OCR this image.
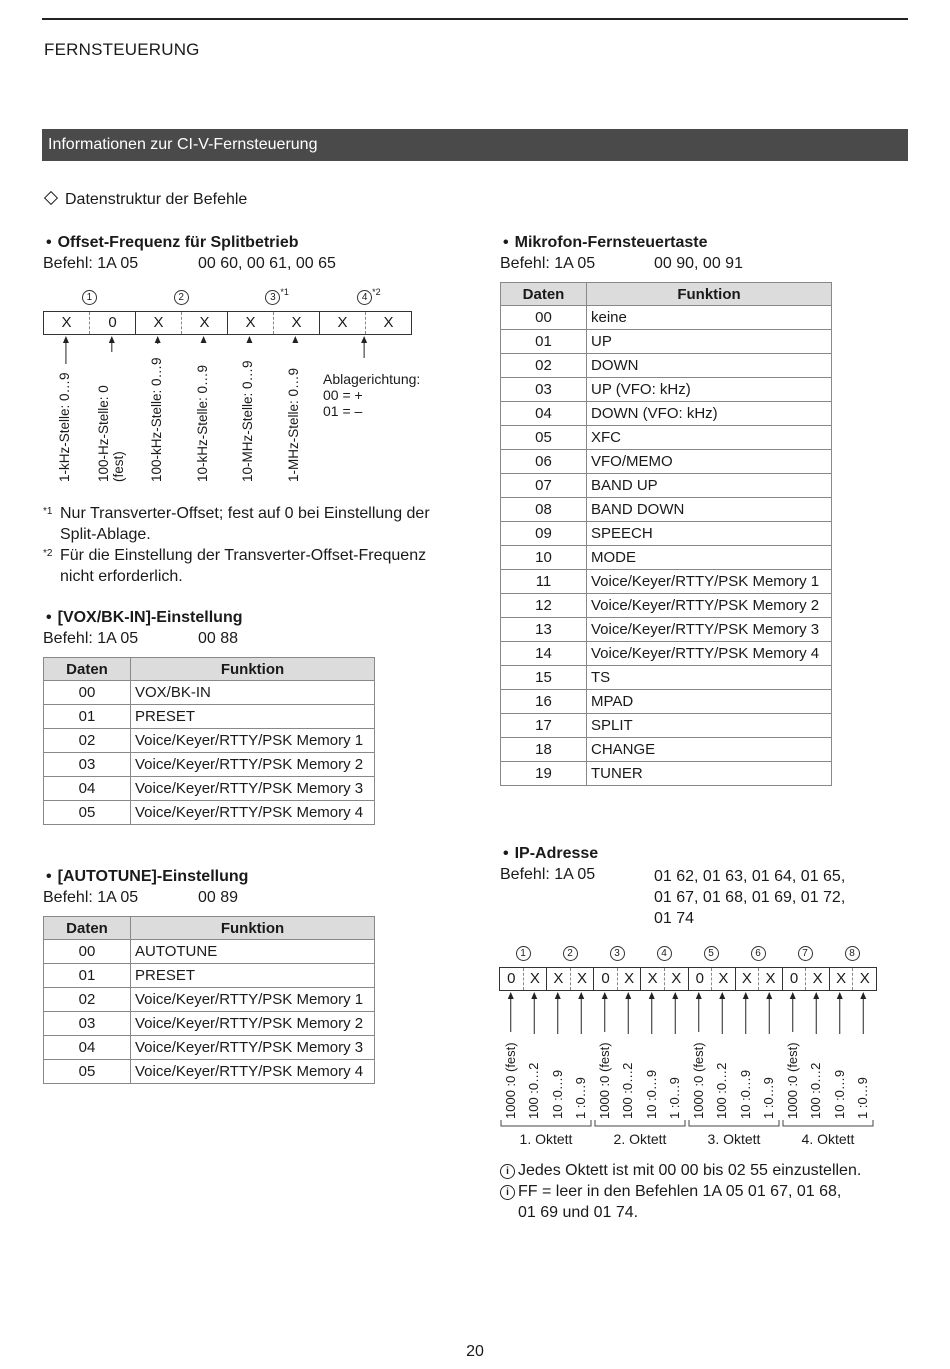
FERNSTEUERUNG
Informationen zur CI-V-Fernsteuerung
Datenstruktur der Befehle
• Offset-Frequenz für Splitbetrieb
Befehl: 1A 05	00 60, 00 61, 00 65
1	2	3 $^{*1}$	4 $^{*2}$
X	0	X	X	X	X	X	X
1-kHz-Stelle: 0…9 100-Hz-Stelle: 0 (fest) 100-kHz-Stelle: 0…9 10-kHz-Stelle: 0…9 10-MHz-Stelle: 0…9 1-MHz-Stelle: 0…9 Ablagerichtung:
00 = +
01 = –
*1 Nur Transverter-Offset; fest auf 0 bei Einstellung der
Split-Ablage.
*2 Für die Einstellung der Transverter-Offset-Frequenz
nicht erforderlich.
• [VOX/BK-IN]-Einstellung
Befehl: 1A 05	00 88
Daten	Funktion
00	VOX/BK-IN
01	PRESET
02	Voice/Keyer/RTTY/PSK Memory 1
03	Voice/Keyer/RTTY/PSK Memory 2
04	Voice/Keyer/RTTY/PSK Memory 3
05	Voice/Keyer/RTTY/PSK Memory 4
• [AUTOTUNE]-Einstellung
Befehl: 1A 05	00 89
Daten	Funktion
00	AUTOTUNE
01	PRESET
02	Voice/Keyer/RTTY/PSK Memory 1
03	Voice/Keyer/RTTY/PSK Memory 2
04	Voice/Keyer/RTTY/PSK Memory 3
05	Voice/Keyer/RTTY/PSK Memory 4
• Mikrofon-Fernsteuertaste
Befehl: 1A 05	00 90, 00 91
Daten	Funktion
00	keine
01	UP
02	DOWN
03	UP (VFO: kHz)
04	DOWN (VFO: kHz)
05	XFC
06	VFO/MEMO
07	BAND UP
08	BAND DOWN
09	SPEECH
10	MODE
11	Voice/Keyer/RTTY/PSK Memory 1
12	Voice/Keyer/RTTY/PSK Memory 2
13	Voice/Keyer/RTTY/PSK Memory 3
14	Voice/Keyer/RTTY/PSK Memory 4
15	TS
16	MPAD
17	SPLIT
18	CHANGE
19	TUNER
• IP-Adresse
Befehl: 1A 05	01 62, 01 63, 01 64, 01 65,
01 67, 01 68, 01 69, 01 72,
01 74
1	2	3	4	5	6	7	8
0 X X X 0 X X X 0 X X X 0 X X X
1000 :0 (fest) 100 :0…2 10 :0…9 1 :0…9 1000 :0 (fest) 100 :0…2 10 :0…9 1 :0…9 1000 :0 (fest) 100 :0…2 10 :0…9 1 :0…9 1000 :0 (fest) 100 :0…2 10 :0…9 1 :0…9
1. Oktett	2. Oktett	3. Oktett	4. Oktett
i Jedes Oktett ist mit 00 00 bis 02 55 einzustellen.
i FF = leer in den Befehlen 1A 05 01 67, 01 68,
01 69 und 01 74.
20
